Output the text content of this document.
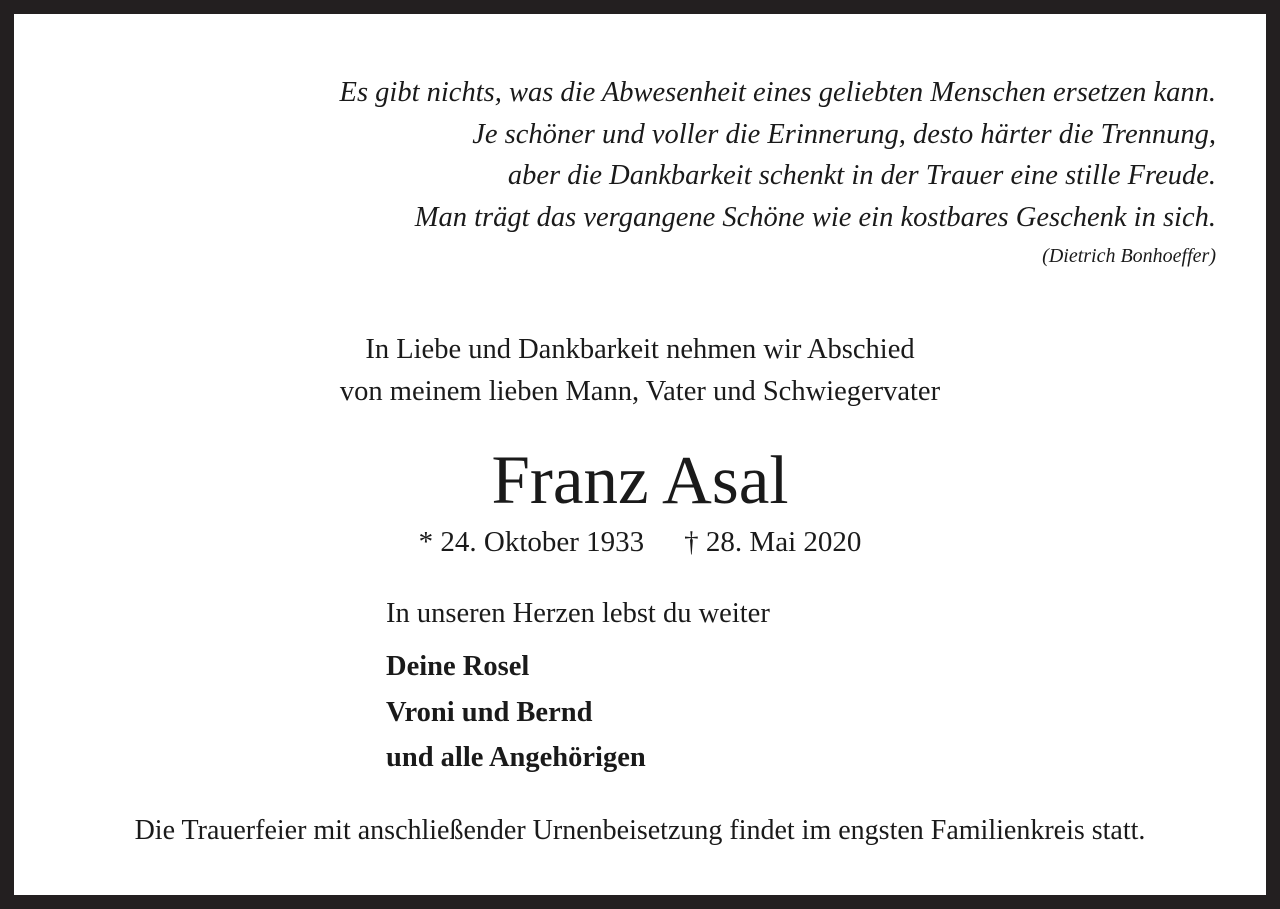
Es gibt nichts, was die Abwesenheit eines geliebten Menschen ersetzen kann.
Je schöner und voller die Erinnerung, desto härter die Trennung,
aber die Dankbarkeit schenkt in der Trauer eine stille Freude.
Man trägt das vergangene Schöne wie ein kostbares Geschenk in sich.
(Dietrich Bonhoeffer)
In Liebe und Dankbarkeit nehmen wir Abschied
von meinem lieben Mann, Vater und Schwiegervater
Franz Asal
* 24. Oktober 1933 † 28. Mai 2020
In unseren Herzen lebst du weiter
Deine Rosel
Vroni und Bernd
und alle Angehörigen
Die Trauerfeier mit anschließender Urnenbeisetzung findet im engsten Familienkreis statt.
